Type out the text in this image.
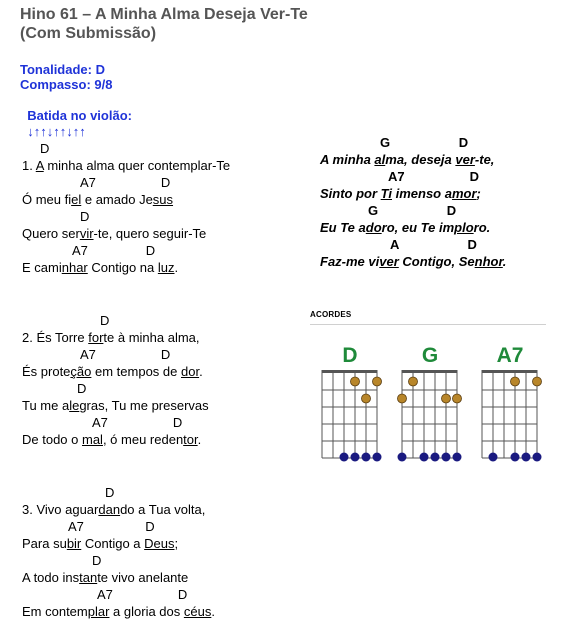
Hino 61 – A Minha Alma Deseja Ver-Te
(Com Submissão)
Tonalidade: D
Compasso: 9/8

Batida no violão:
↓↑↑↓↑↑↓↑↑

D
1. A minha alma quer contemplar-Te
A7                  D
Ó meu fiel e amado Jesus
D
Quero servir-te, quero seguir-Te
A7                D
E caminhar Contigo na luz.
D
2. És Torre forte à minha alma,
A7                  D
És proteção em tempos de dor.
D
Tu me alegras, Tu me preservas
A7                  D
De todo o mal, ó meu redentor.
D
3. Vivo aguardando a Tua volta,
A7                 D
Para subir Contigo a Deus;
D
A todo instante vivo anelante
A7                  D
Em contemplar a gloria dos céus.
G                   D
A minha alma, deseja ver-te,
A7                  D
Sinto por Ti imenso amor;
G                   D
Eu Te adoro, eu Te imploro.
A                   D
Faz-me viver Contigo, Senhor.
ACORDES
D	G	A7
